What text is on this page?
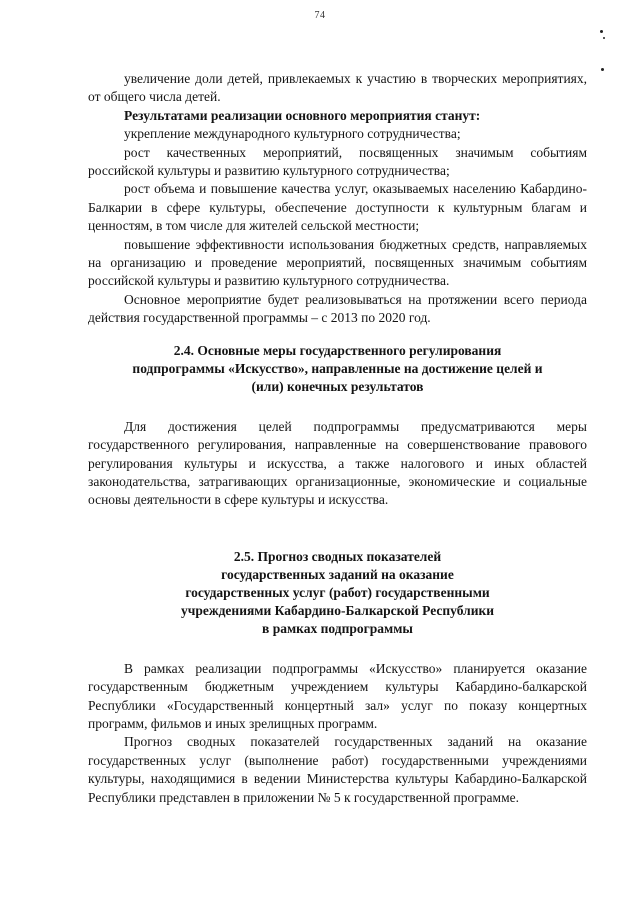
74

увеличение доли детей, привлекаемых к участию в творческих мероприятиях, от общего числа детей.

Результатами реализации основного мероприятия станут:

укрепление международного культурного сотрудничества;

рост качественных мероприятий, посвященных значимым событиям российской культуры и развитию культурного сотрудничества;

рост объема и повышение качества услуг, оказываемых населению Кабардино-Балкарии в сфере культуры, обеспечение доступности к культурным благам и ценностям, в том числе для жителей сельской местности;

повышение эффективности использования бюджетных средств, направляемых на организацию и проведение мероприятий, посвященных значимым событиям российской культуры и развитию культурного сотрудничества.

Основное мероприятие будет реализовываться на протяжении всего периода действия государственной программы – с 2013 по 2020 год.

2.4. Основные меры государственного регулирования
подпрограммы «Искусство», направленные на достижение целей и
(или) конечных результатов

Для достижения целей подпрограммы предусматриваются меры государственного регулирования, направленные на совершенствование правового регулирования культуры и искусства, а также налогового и иных областей законодательства, затрагивающих организационные, экономические и социальные основы деятельности в сфере культуры и искусства.

2.5. Прогноз сводных показателей
государственных заданий на оказание
государственных услуг (работ) государственными
учреждениями Кабардино-Балкарской Республики
в рамках подпрограммы

В рамках реализации подпрограммы «Искусство» планируется оказание государственным бюджетным учреждением культуры Кабардино-балкарской Республики «Государственный концертный зал» услуг по показу концертных программ, фильмов и иных зрелищных программ.

Прогноз сводных показателей государственных заданий на оказание государственных услуг (выполнение работ) государственными учреждениями культуры, находящимися в ведении Министерства культуры Кабардино-Балкарской Республики представлен в приложении № 5 к государственной программе.
